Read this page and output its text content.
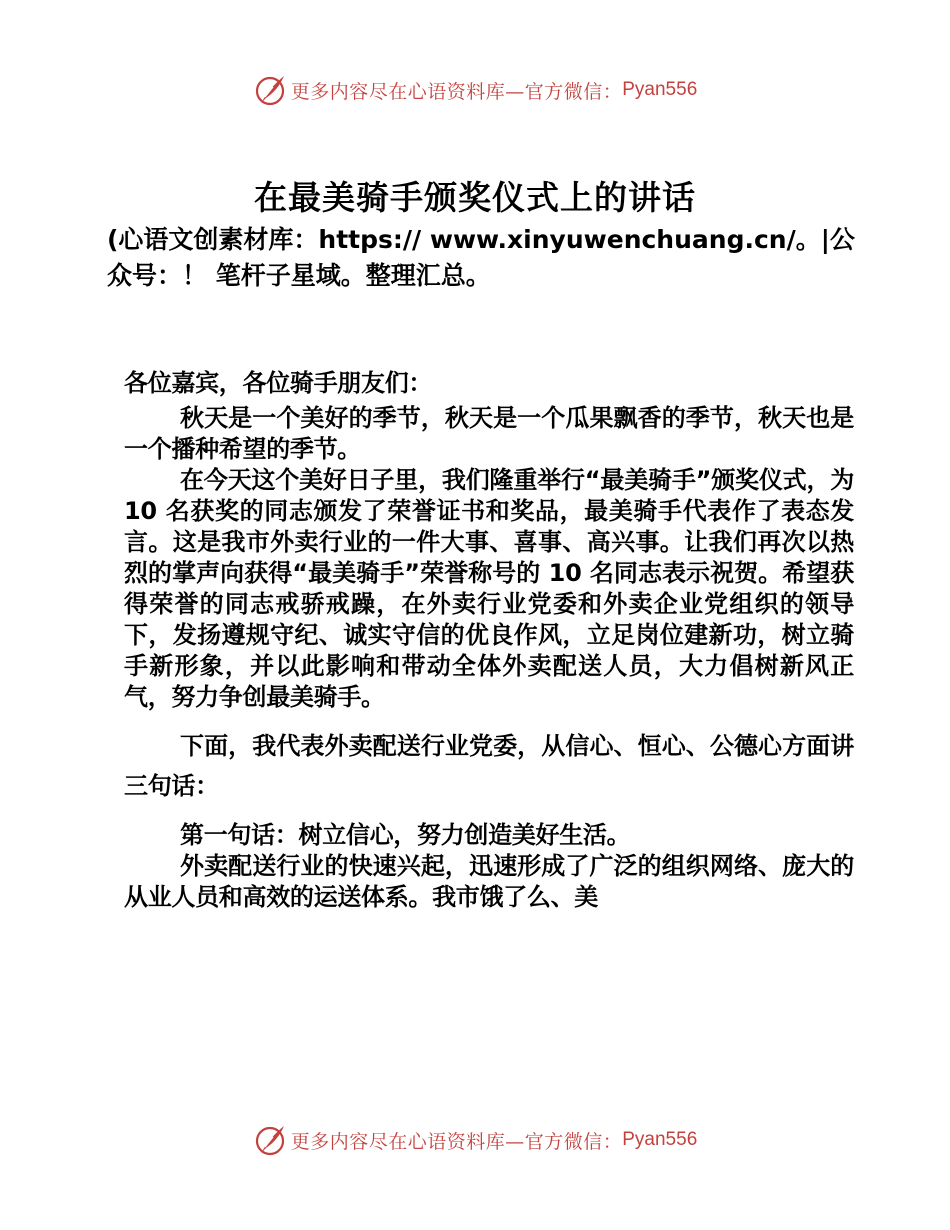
更多内容尽在心语资料库—官方微信： Pyan556
在最美骑手颁奖仪式上的讲话
(心语文创素材库：https:// www.xinyuwenchuang.cn/。|公众号：！ 笔杆子星域。整理汇总。

各位嘉宾，各位骑手朋友们：

秋天是一个美好的季节，秋天是一个瓜果飘香的季节，秋天也是一个播种希望的季节。

在今天这个美好日子里，我们隆重举行“最美骑手”颁奖仪式，为 10 名获奖的同志颁发了荣誉证书和奖品，最美骑手代表作了表态发言。这是我市外卖行业的一件大事、喜事、高兴事。让我们再次以热烈的掌声向获得“最美骑手”荣誉称号的 10 名同志表示祝贺。希望获得荣誉的同志戒骄戒躁，在外卖行业党委和外卖企业党组织的领导下，发扬遵规守纪、诚实守信的优良作风，立足岗位建新功，树立骑手新形象，并以此影响和带动全体外卖配送人员，大力倡树新风正气，努力争创最美骑手。

下面，我代表外卖配送行业党委，从信心、恒心、公德心方面讲三句话：

第一句话：树立信心，努力创造美好生活。

外卖配送行业的快速兴起，迅速形成了广泛的组织网络、庞大的从业人员和高效的运送体系。我市饿了么、美

更多内容尽在心语资料库—官方微信： Pyan556
